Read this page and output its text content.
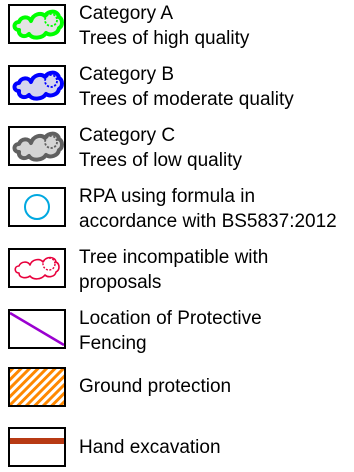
Category A
Trees of high quality
Category B
Trees of moderate quality
Category C
Trees of low quality
RPA using formula in
accordance with BS5837:2012
Tree incompatible with
proposals
Location of Protective
Fencing
Ground protection
Hand excavation
